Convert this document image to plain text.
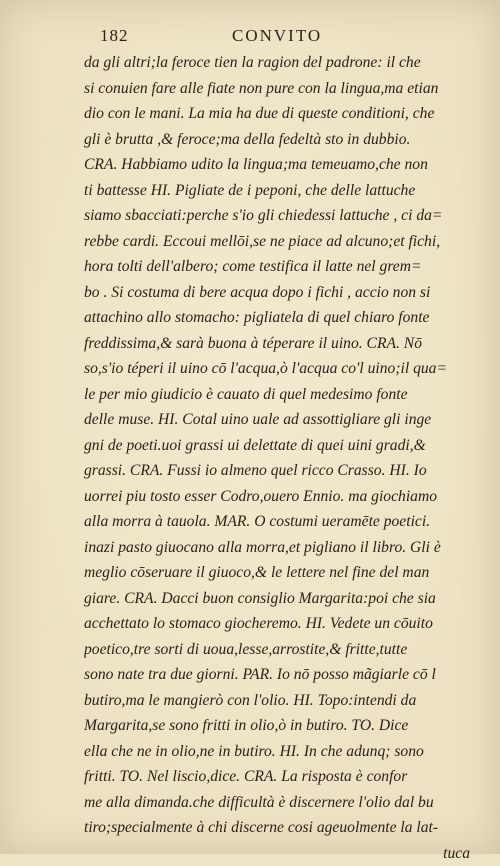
182	CONVITO
da gli altri;la feroce tien la ragion del padrone: il che
si conuien fare alle fiate non pure con la lingua,ma etian
dio con le mani. La mia ha due di queste conditioni, che
gli è brutta ,& feroce;ma della fedeltà sto in dubbio.
CRA. Habbiamo udito la lingua;ma temeuamo,che non
ti battesse HI. Pigliate de i peponi, che delle lattuche
siamo sbacciati:perche s'io gli chiedessi lattuche , ci da=
rebbe cardi. Eccoui mellōi,se ne piace ad alcuno;et fichi,
hora tolti dell'albero; come testifica il latte nel grem=
bo . Si costuma di bere acqua dopo i fichi , accio non si
attachino allo stomacho: pigliatela di quel chiaro fonte
freddissima,& sarà buona à téperare il uino. CRA. Nō
so,s'io téperi il uino cō l'acqua,ò l'acqua co'l uino;il qua=
le per mio giudicio è cauato di quel medesimo fonte
delle muse. HI. Cotal uino uale ad assottigliare gli inge
gni de poeti.uoi grassi ui delettate di quei uini gradi,&
grassi. CRA. Fussi io almeno quel ricco Crasso. HI. Io
uorrei piu tosto esser Codro,ouero Ennio. ma giochiamo
alla morra à tauola. MAR. O costumi ueramēte poetici.
inazi pasto giuocano alla morra,et pigliano il libro. Gli è
meglio cōseruare il giuoco,& le lettere nel fine del man
giare. CRA. Dacci buon consiglio Margarita:poi che sia
acchettato lo stomaco giocheremo. HI. Vedete un cōuito
poetico,tre sorti di uoua,lesse,arrostite,& fritte,tutte
sono nate tra due giorni. PAR. Io nō posso mãgiarle cō l
butiro,ma le mangierò con l'olio. HI. Topo:intendi da
Margarita,se sono fritti in olio,ò in butiro. TO. Dice
ella che ne in olio,ne in butiro. HI. In che adunq; sono
fritti. TO. Nel liscio,dice. CRA. La risposta è confor
me alla dimanda.che difficultà è discernere l'olio dal bu
tiro;specialmente à chi discerne cosi ageuolmente la lat-
tuca
